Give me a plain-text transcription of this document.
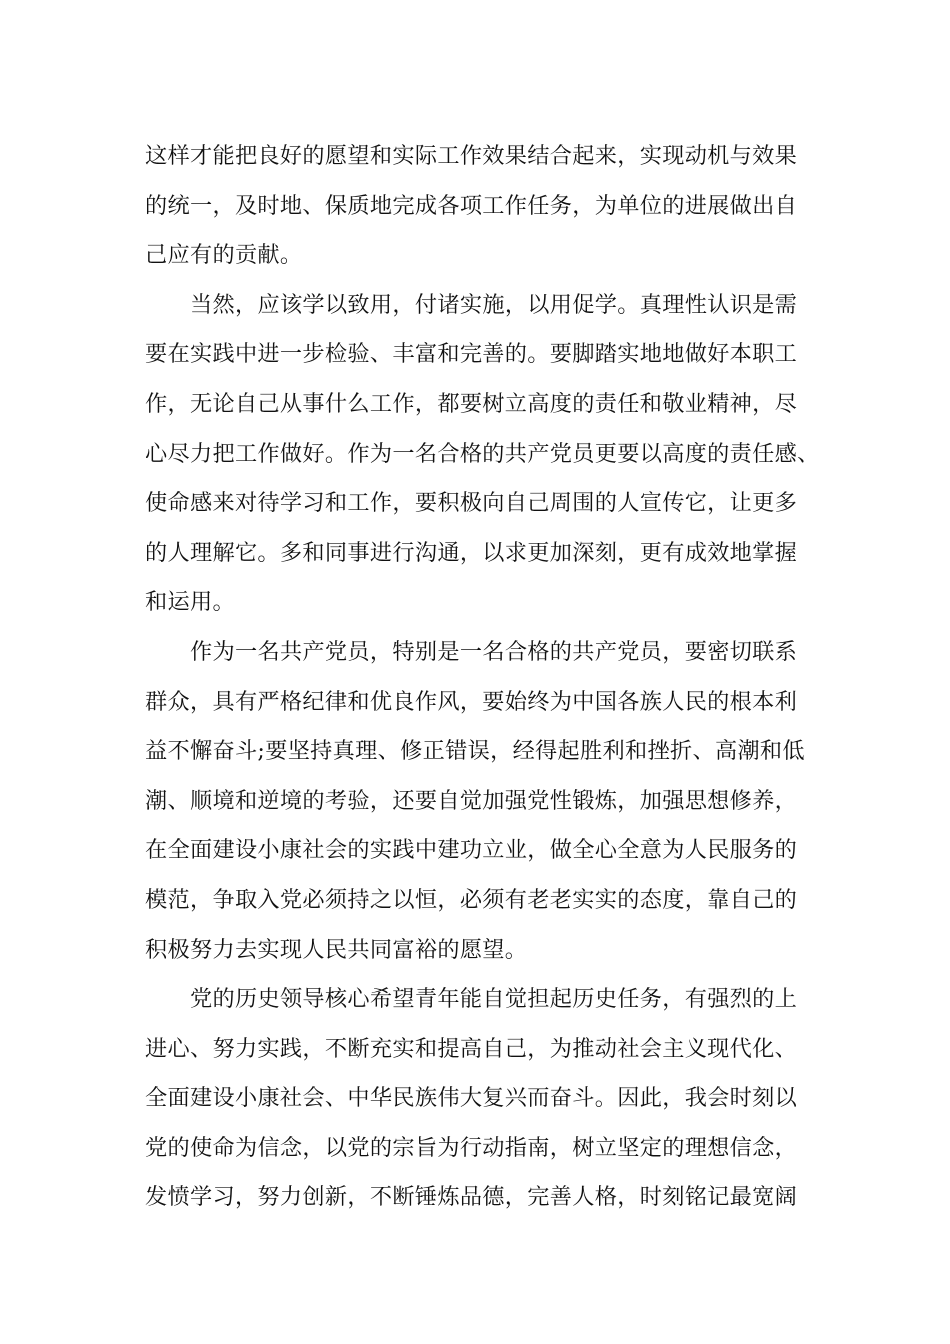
这样才能把良好的愿望和实际工作效果结合起来，实现动机与效果
的统一，及时地、保质地完成各项工作任务，为单位的进展做出自
己应有的贡献。
当然，应该学以致用，付诸实施，以用促学。真理性认识是需
要在实践中进一步检验、丰富和完善的。要脚踏实地地做好本职工
作，无论自己从事什么工作，都要树立高度的责任和敬业精神，尽
心尽力把工作做好。作为一名合格的共产党员更要以高度的责任感、
使命感来对待学习和工作，要积极向自己周围的人宣传它，让更多
的人理解它。多和同事进行沟通，以求更加深刻，更有成效地掌握
和运用。
作为一名共产党员，特别是一名合格的共产党员，要密切联系
群众，具有严格纪律和优良作风，要始终为中国各族人民的根本利
益不懈奋斗;要坚持真理、修正错误，经得起胜利和挫折、高潮和低
潮、顺境和逆境的考验，还要自觉加强党性锻炼，加强思想修养，
在全面建设小康社会的实践中建功立业，做全心全意为人民服务的
模范，争取入党必须持之以恒，必须有老老实实的态度，靠自己的
积极努力去实现人民共同富裕的愿望。
党的历史领导核心希望青年能自觉担起历史任务，有强烈的上
进心、努力实践，不断充实和提高自己，为推动社会主义现代化、
全面建设小康社会、中华民族伟大复兴而奋斗。因此，我会时刻以
党的使命为信念，以党的宗旨为行动指南，树立坚定的理想信念，
发愤学习，努力创新，不断锤炼品德，完善人格，时刻铭记最宽阔
